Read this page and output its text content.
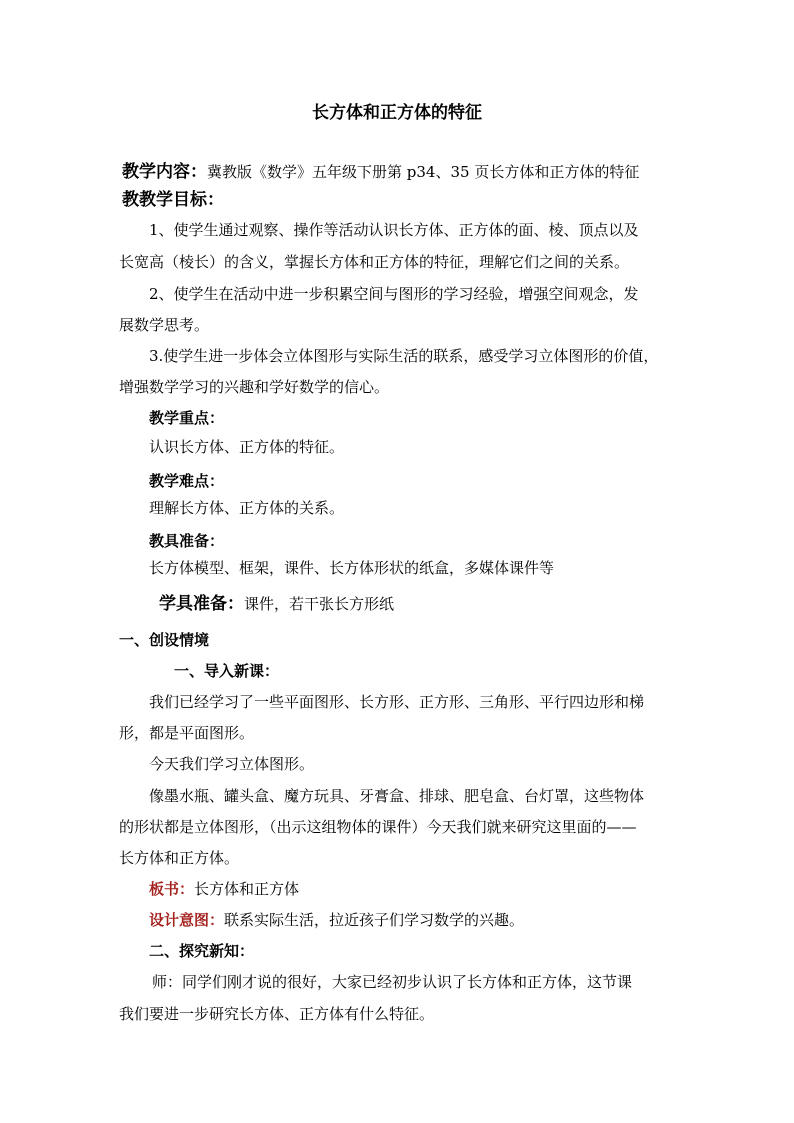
长方体和正方体的特征
教学内容：冀教版《数学》五年级下册第 p34、35 页长方体和正方体的特征
教教学目标：
1、使学生通过观察、操作等活动认识长方体、正方体的面、棱、顶点以及
长宽高（棱长）的含义，掌握长方体和正方体的特征，理解它们之间的关系。
2、使学生在活动中进一步积累空间与图形的学习经验，增强空间观念，发
展数学思考。
3.使学生进一步体会立体图形与实际生活的联系，感受学习立体图形的价值，
增强数学学习的兴趣和学好数学的信心。
教学重点：
认识长方体、正方体的特征。
教学难点：
理解长方体、正方体的关系。
教具准备：
长方体模型、框架，课件、长方体形状的纸盒，多媒体课件等
学具准备：课件，若干张长方形纸
一、创设情境
一、导入新课：
我们已经学习了一些平面图形、长方形、正方形、三角形、平行四边形和梯
形，都是平面图形。
今天我们学习立体图形。
像墨水瓶、罐头盒、魔方玩具、牙膏盒、排球、肥皂盒、台灯罩，这些物体
的形状都是立体图形，（出示这组物体的课件）今天我们就来研究这里面的——
长方体和正方体。
板书：长方体和正方体
设计意图：联系实际生活，拉近孩子们学习数学的兴趣。
二、探究新知：
师：同学们刚才说的很好，大家已经初步认识了长方体和正方体，这节课
我们要进一步研究长方体、正方体有什么特征。
